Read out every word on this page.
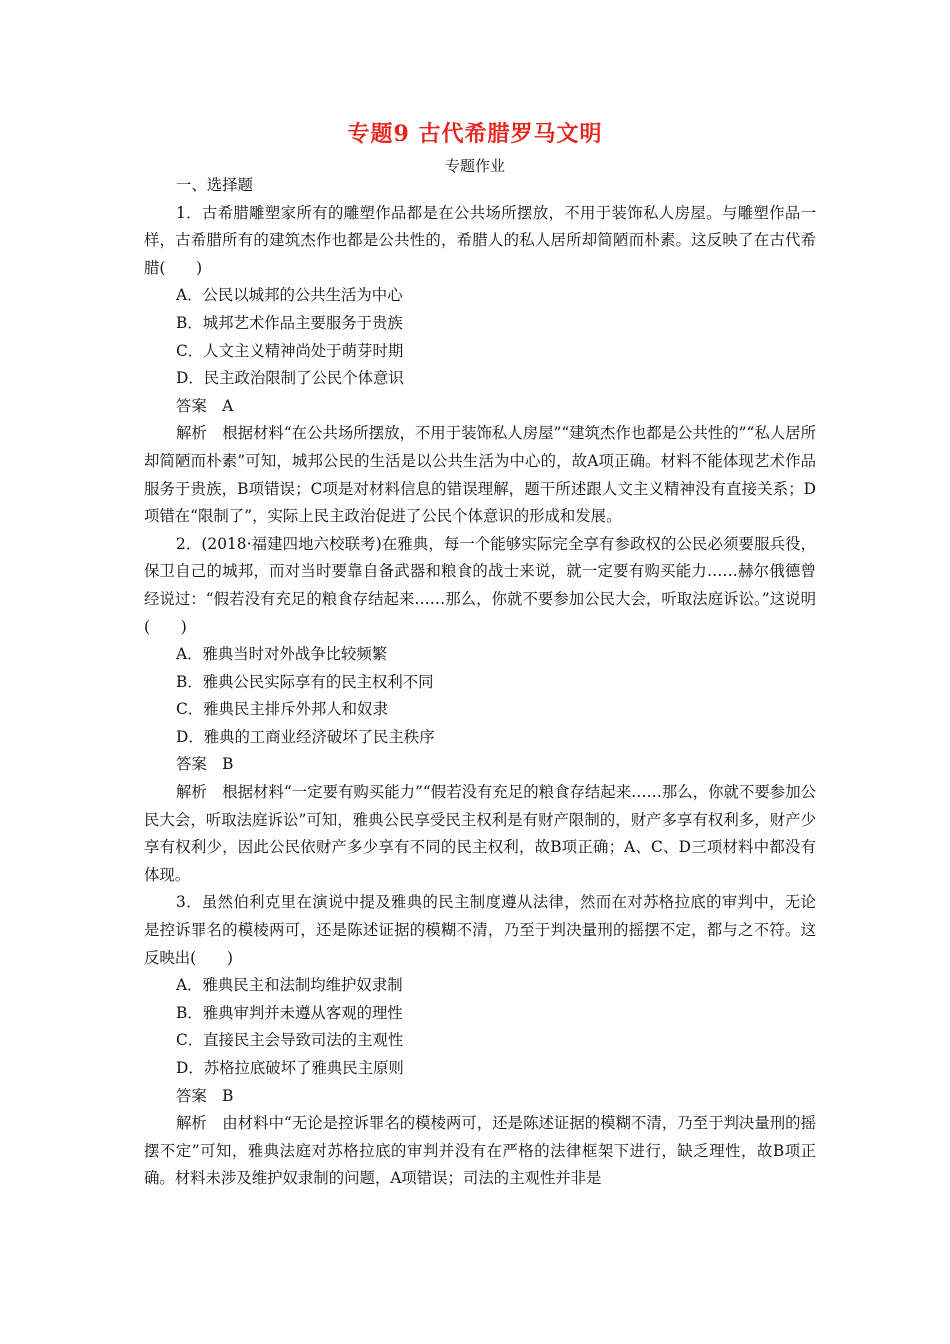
专题9 古代希腊罗马文明
专题作业

一、选择题

1．古希腊雕塑家所有的雕塑作品都是在公共场所摆放，不用于装饰私人房屋。与雕塑作品一样，古希腊所有的建筑杰作也都是公共性的，希腊人的私人居所却简陋而朴素。这反映了在古代希腊(　　)

A．公民以城邦的公共生活为中心

B．城邦艺术作品主要服务于贵族

C．人文主义精神尚处于萌芽时期

D．民主政治限制了公民个体意识

答案　A

解析　根据材料“在公共场所摆放，不用于装饰私人房屋”“建筑杰作也都是公共性的”“私人居所却简陋而朴素”可知，城邦公民的生活是以公共生活为中心的，故A项正确。材料不能体现艺术作品服务于贵族，B项错误；C项是对材料信息的错误理解，题干所述跟人文主义精神没有直接关系；D项错在“限制了”，实际上民主政治促进了公民个体意识的形成和发展。

2．(2018·福建四地六校联考)在雅典，每一个能够实际完全享有参政权的公民必须要服兵役，保卫自己的城邦，而对当时要靠自备武器和粮食的战士来说，就一定要有购买能力……赫尔俄德曾经说过：“假若没有充足的粮食存结起来……那么，你就不要参加公民大会，听取法庭诉讼。”这说明(　　)

A．雅典当时对外战争比较频繁

B．雅典公民实际享有的民主权利不同

C．雅典民主排斥外邦人和奴隶

D．雅典的工商业经济破坏了民主秩序

答案　B

解析　根据材料“一定要有购买能力”“假若没有充足的粮食存结起来……那么，你就不要参加公民大会，听取法庭诉讼”可知，雅典公民享受民主权利是有财产限制的，财产多享有权利多，财产少享有权利少，因此公民依财产多少享有不同的民主权利，故B项正确；A、C、D三项材料中都没有体现。

3．虽然伯利克里在演说中提及雅典的民主制度遵从法律，然而在对苏格拉底的审判中，无论是控诉罪名的模棱两可，还是陈述证据的模糊不清，乃至于判决量刑的摇摆不定，都与之不符。这反映出(　　)

A．雅典民主和法制均维护奴隶制

B．雅典审判并未遵从客观的理性

C．直接民主会导致司法的主观性

D．苏格拉底破坏了雅典民主原则

答案　B

解析　由材料中“无论是控诉罪名的模棱两可，还是陈述证据的模糊不清，乃至于判决量刑的摇摆不定”可知，雅典法庭对苏格拉底的审判并没有在严格的法律框架下进行，缺乏理性，故B项正确。材料未涉及维护奴隶制的问题，A项错误；司法的主观性并非是
